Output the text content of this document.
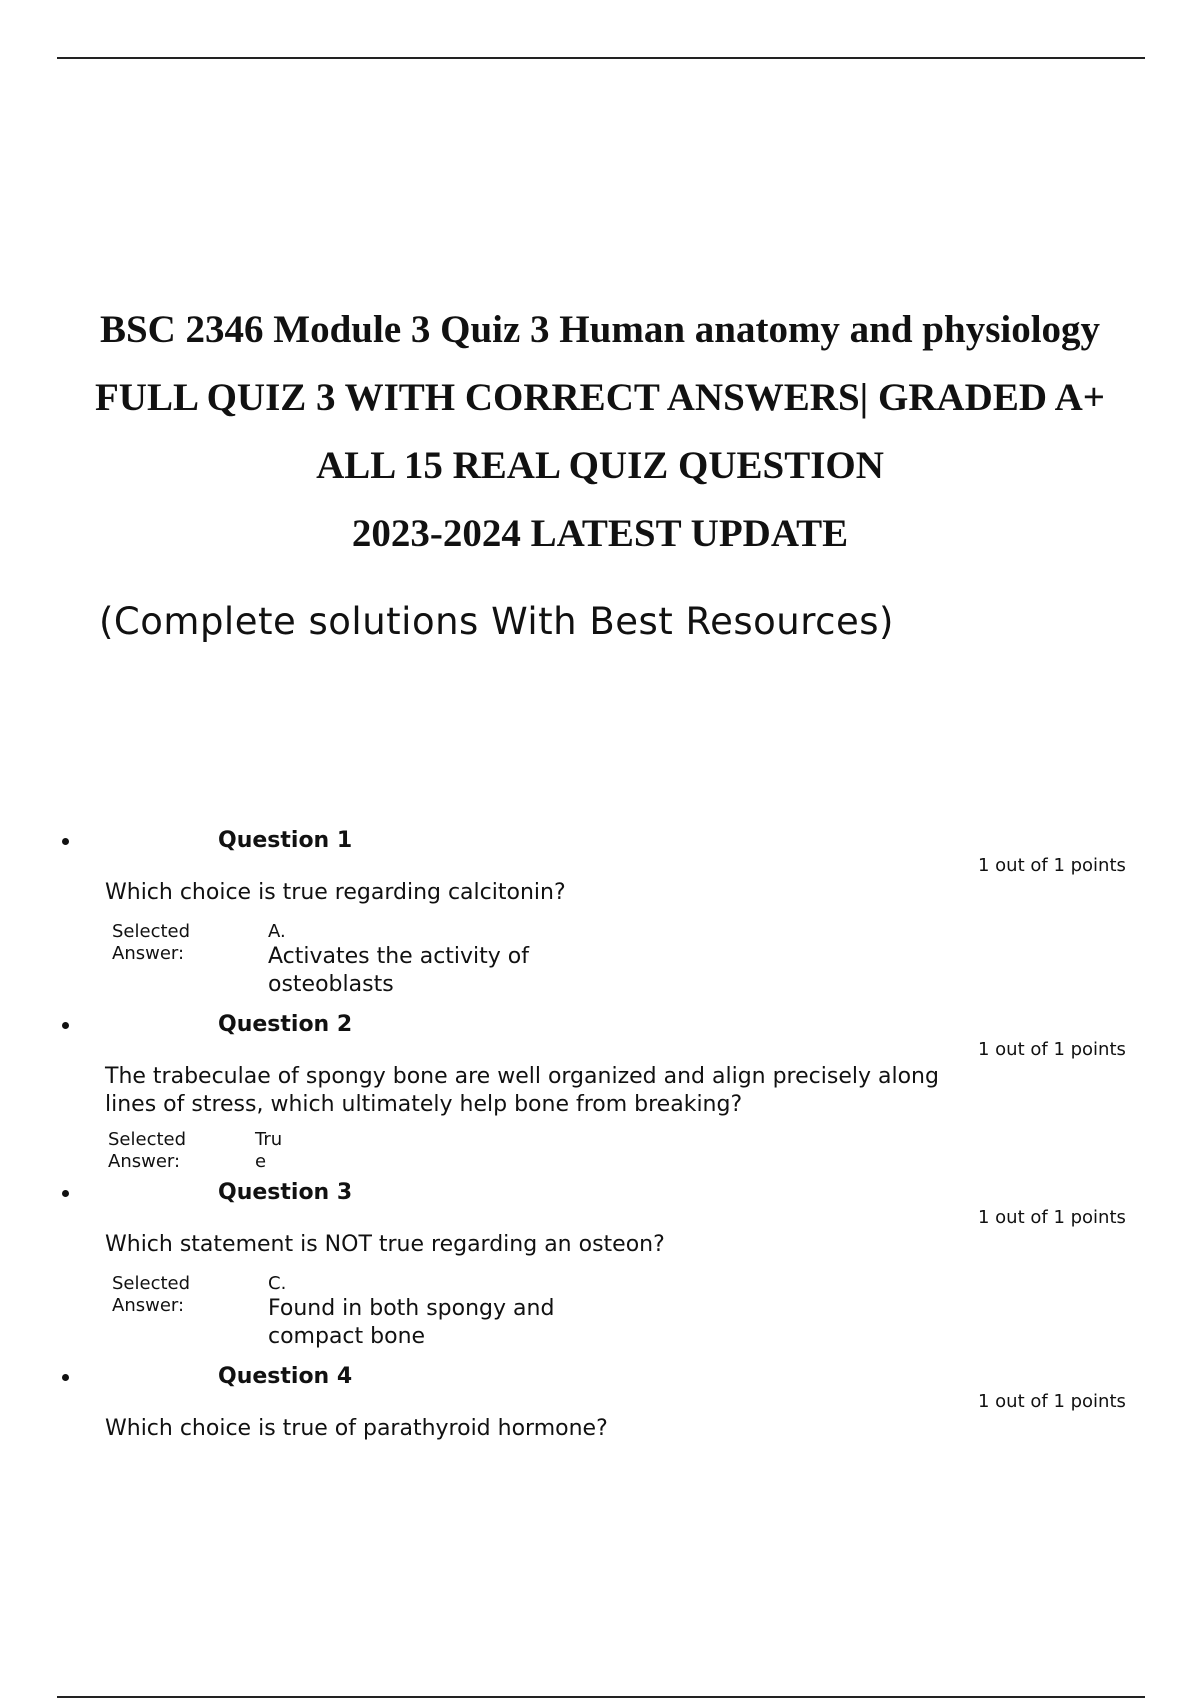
BSC 2346 Module 3 Quiz 3 Human anatomy and physiology
FULL QUIZ 3 WITH CORRECT ANSWERS| GRADED A+
ALL 15 REAL QUIZ QUESTION
2023-2024 LATEST UPDATE
(Complete solutions With Best Resources)
Question 1
1 out of 1 points
Which choice is true regarding calcitonin?
Selected Answer:
A.
Activates the activity of osteoblasts
Question 2
1 out of 1 points
The trabeculae of spongy bone are well organized and align precisely along lines of stress, which ultimately help bone from breaking?
Selected Answer:
True
Question 3
1 out of 1 points
Which statement is NOT true regarding an osteon?
Selected Answer:
C.
Found in both spongy and compact bone
Question 4
1 out of 1 points
Which choice is true of parathyroid hormone?
